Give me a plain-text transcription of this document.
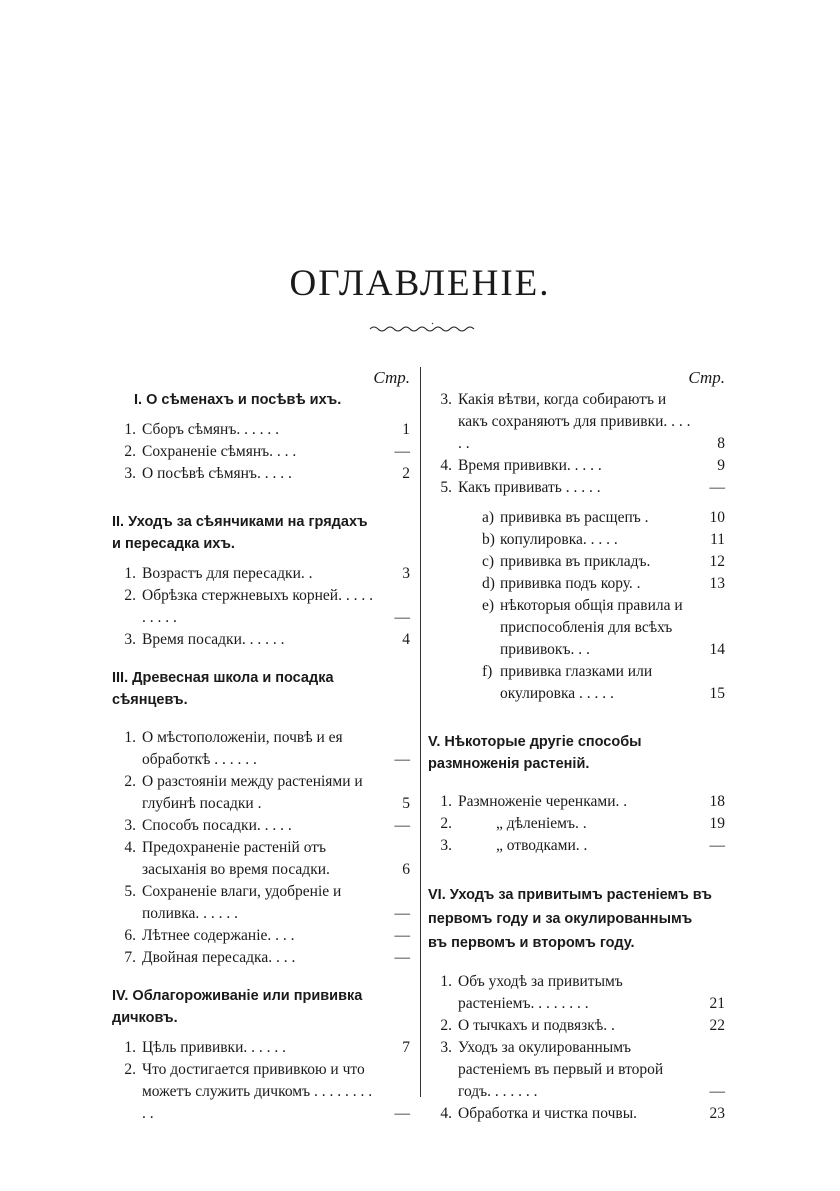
ОГЛАВЛЕНІЕ.
Стр.
I. О сѣменахъ и посѣвѣ ихъ.
1. Сборъ сѣмянъ. . . . . .	1
2. Сохраненіе сѣмянъ. . . .	—
3. О посѣвѣ сѣмянъ. . . . .	2
II. Уходъ за сѣянчиками на грядахъ и пересадка ихъ.
1. Возрастъ для пересадки. .	3
2. Обрѣзка стержневыхъ корней. . . . . . . . . .	—
3. Время посадки. . . . . .	4
III. Древесная школа и посадка сѣянцевъ.
1. О мѣстоположеніи, почвѣ и ея обработкѣ . . . . . .	—
2. О разстояніи между растеніями и глубинѣ посадки .	5
3. Способъ посадки. . . . .	—
4. Предохраненіе растеній отъ засыханія во время посадки.	6
5. Сохраненіе влаги, удобреніе и поливка. . . . . .	—
6. Лѣтнее содержаніе. . . .	—
7. Двойная пересадка. . . .	—
IV. Облагороживаніе или прививка дичковъ.
1. Цѣль прививки. . . . . .	7
2. Что достигается прививкою и что можетъ служить дичкомъ . . . . . . . . . .	—
Стр.
3. Какія вѣтви, когда собираютъ и какъ сохраняютъ для прививки. . . . . .	8
4. Время прививки. . . . .	9
5. Какъ прививать . . . . .	—
a) прививка въ расщепъ .	10
b) копулировка. . . . .	11
c) прививка въ прикладъ.	12
d) прививка подъ кору. .	13
e) нѣкоторыя общія правила и приспособленія для всѣхъ прививокъ. . .	14
f) прививка глазками или окулировка . . . . .	15
V. Нѣкоторые другіе способы размноженія растеній.
1. Размноженіе черенками. .	18
2.	„ дѣленіемъ. .	19
3.	„ отводками. .	—
VI. Уходъ за привитымъ растеніемъ въ первомъ году и за окулированнымъ въ первомъ и второмъ году.
1. Объ уходѣ за привитымъ растеніемъ. . . . . . . .	21
2. О тычкахъ и подвязкѣ. .	22
3. Уходъ за окулированнымъ растеніемъ въ первый и второй годъ. . . . . . .	—
4. Обработка и чистка почвы.	23
